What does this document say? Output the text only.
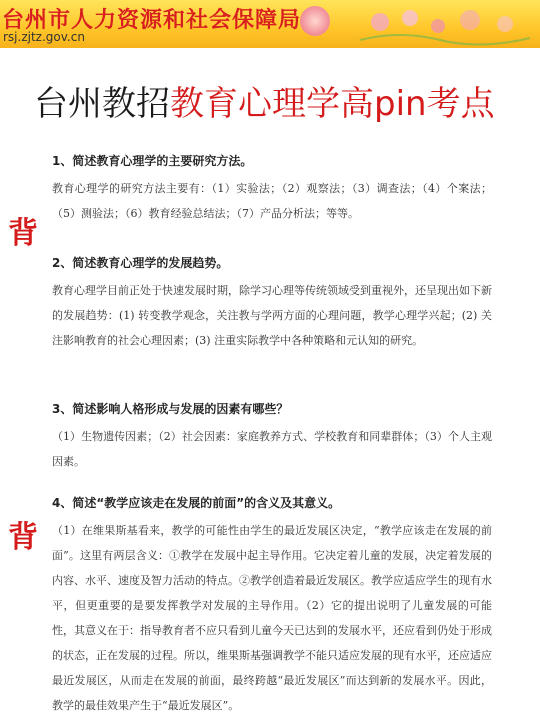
台州市人力资源和社会保障局
rsj.zjtz.gov.cn
台州教招教育心理学高pin考点
背
背

1、简述教育心理学的主要研究方法。

教育心理学的研究方法主要有：（1）实验法；（2）观察法；（3）调查法；（4）个案法；（5）测验法；（6）教育经验总结法；（7）产品分析法；等等。

2、简述教育心理学的发展趋势。

教育心理学目前正处于快速发展时期，除学习心理等传统领域受到重视外，还呈现出如下新的发展趋势：(1) 转变教学观念，关注教与学两方面的心理问题，教学心理学兴起；(2) 关注影响教育的社会心理因素；(3) 注重实际教学中各种策略和元认知的研究。

3、简述影响人格形成与发展的因素有哪些？

（1）生物遗传因素；（2）社会因素：家庭教养方式、学校教育和同辈群体；（3）个人主观因素。

4、简述“教学应该走在发展的前面”的含义及其意义。

（1）在维果斯基看来，教学的可能性由学生的最近发展区决定，“教学应该走在发展的前面”。这里有两层含义：①教学在发展中起主导作用。它决定着儿童的发展，决定着发展的内容、水平、速度及智力活动的特点。②教学创造着最近发展区。教学应适应学生的现有水平，但更重要的是要发挥教学对发展的主导作用。（2）它的提出说明了儿童发展的可能性，其意义在于：指导教育者不应只看到儿童今天已达到的发展水平，还应看到仍处于形成的状态，正在发展的过程。所以，维果斯基强调教学不能只适应发展的现有水平，还应适应最近发展区，从而走在发展的前面，最终跨越“最近发展区”而达到新的发展水平。因此，教学的最佳效果产生于“最近发展区”。
